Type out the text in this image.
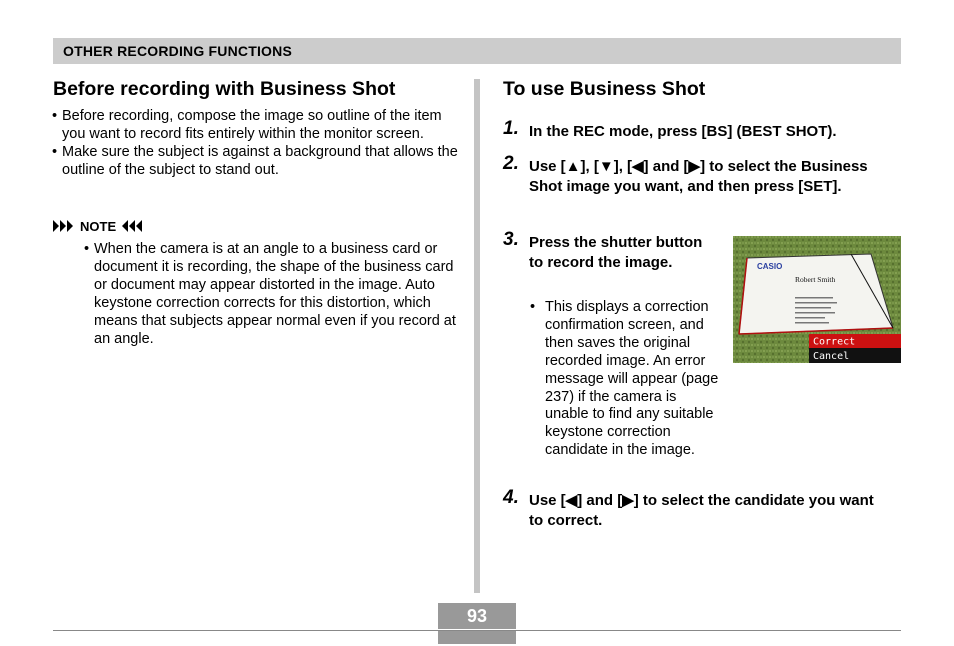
OTHER RECORDING FUNCTIONS
Before recording with Business Shot
• Before recording, compose the image so outline of the item you want to record fits entirely within the monitor screen.
• Make sure the subject is against a background that allows the outline of the subject to stand out.
NOTE
• When the camera is at an angle to a business card or document it is recording, the shape of the business card or document may appear distorted in the image. Auto keystone correction corrects for this distortion, which means that subjects appear normal even if you record at an angle.
To use Business Shot
1. In the REC mode, press [BS] (BEST SHOT).
2. Use [▲], [▼], [◀] and [▶] to select the Business Shot image you want, and then press [SET].
3. Press the shutter button to record the image.
• This displays a correction confirmation screen, and then saves the original recorded image. An error message will appear (page 237) if the camera is unable to find any suitable keystone correction candidate in the image.
CASIO
Robert Smith
Correct
Cancel
4. Use [◀] and [▶] to select the candidate you want to correct.
93
